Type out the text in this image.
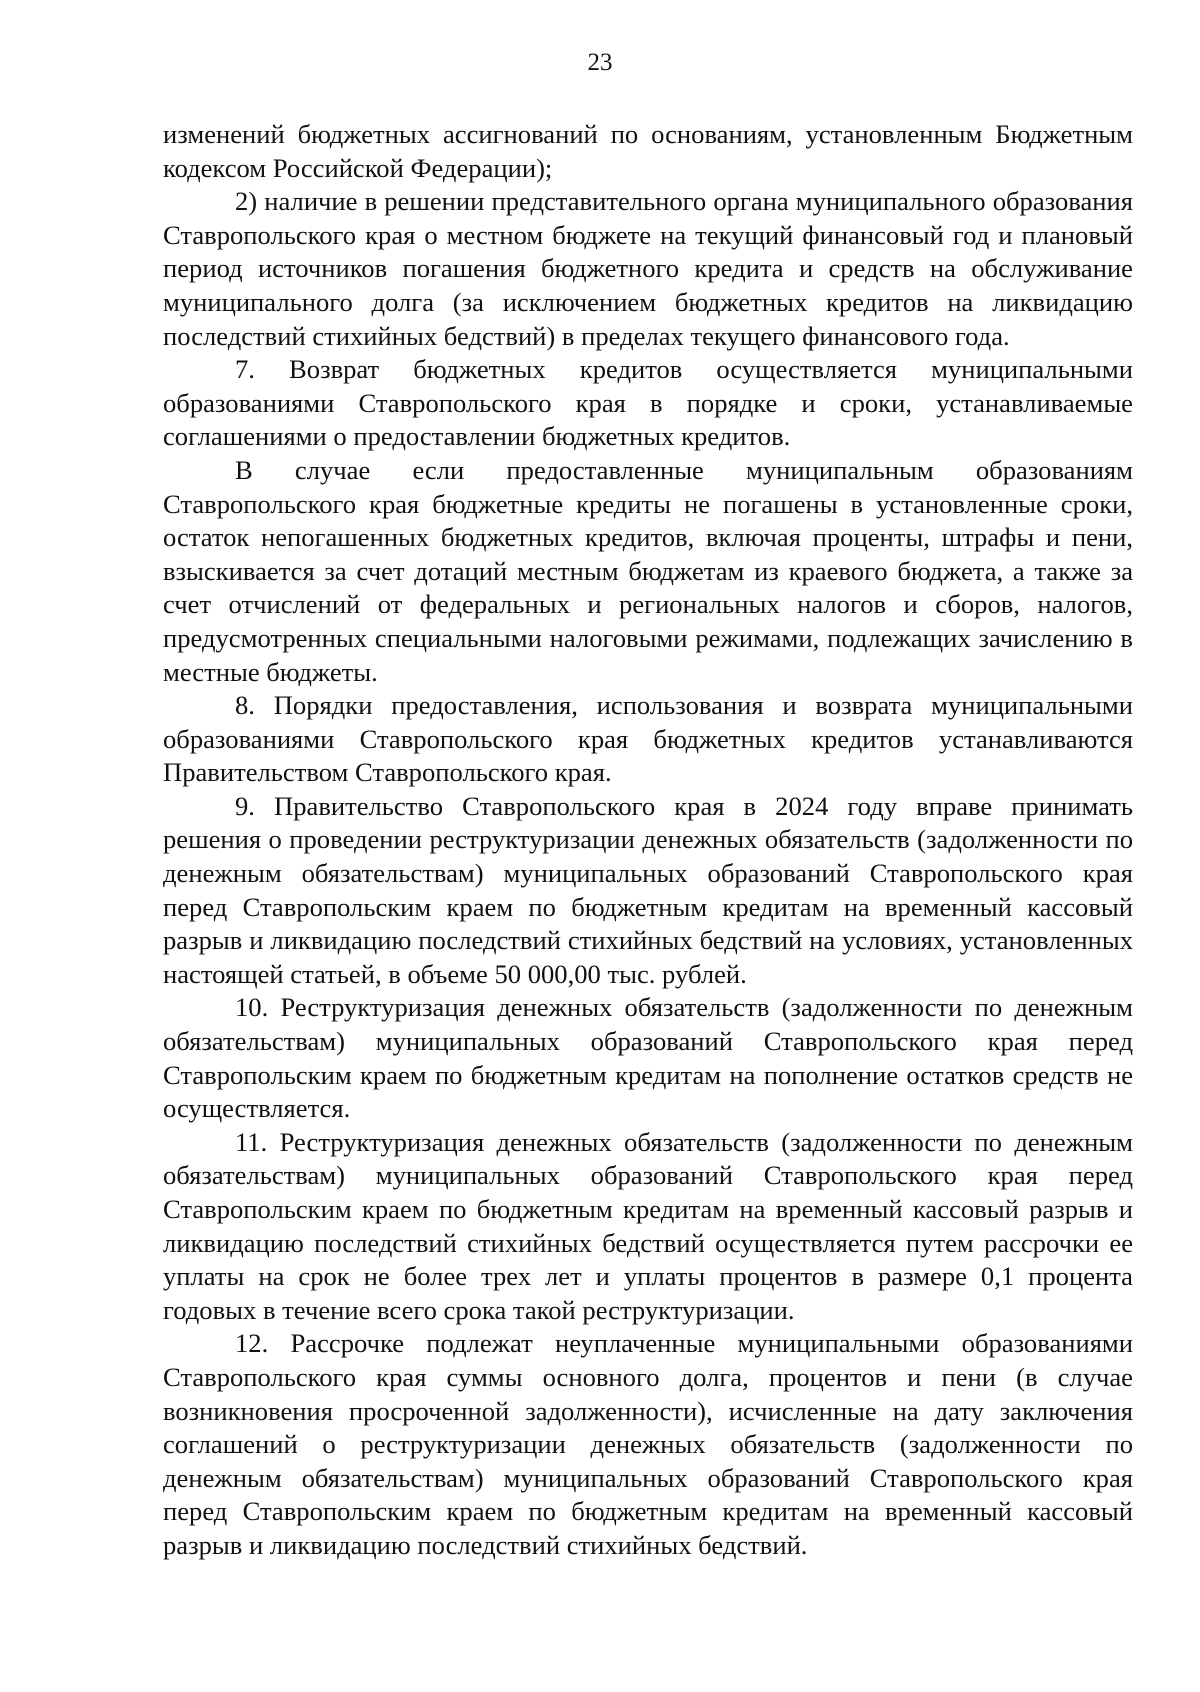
23

изменений бюджетных ассигнований по основаниям, установленным Бюджетным кодексом Российской Федерации);

2) наличие в решении представительного органа муниципального образования Ставропольского края о местном бюджете на текущий финансовый год и плановый период источников погашения бюджетного кредита и средств на обслуживание муниципального долга (за исключением бюджетных кредитов на ликвидацию последствий стихийных бедствий) в пределах текущего финансового года.

7. Возврат бюджетных кредитов осуществляется муниципальными образованиями Ставропольского края в порядке и сроки, устанавливаемые соглашениями о предоставлении бюджетных кредитов.

В случае если предоставленные муниципальным образованиям Ставропольского края бюджетные кредиты не погашены в установленные сроки, остаток непогашенных бюджетных кредитов, включая проценты, штрафы и пени, взыскивается за счет дотаций местным бюджетам из краевого бюджета, а также за счет отчислений от федеральных и региональных налогов и сборов, налогов, предусмотренных специальными налоговыми режимами, подлежащих зачислению в местные бюджеты.

8. Порядки предоставления, использования и возврата муниципальными образованиями Ставропольского края бюджетных кредитов устанавливаются Правительством Ставропольского края.

9. Правительство Ставропольского края в 2024 году вправе принимать решения о проведении реструктуризации денежных обязательств (задолженности по денежным обязательствам) муниципальных образований Ставропольского края перед Ставропольским краем по бюджетным кредитам на временный кассовый разрыв и ликвидацию последствий стихийных бедствий на условиях, установленных настоящей статьей, в объеме 50 000,00 тыс. рублей.

10. Реструктуризация денежных обязательств (задолженности по денежным обязательствам) муниципальных образований Ставропольского края перед Ставропольским краем по бюджетным кредитам на пополнение остатков средств не осуществляется.

11. Реструктуризация денежных обязательств (задолженности по денежным обязательствам) муниципальных образований Ставропольского края перед Ставропольским краем по бюджетным кредитам на временный кассовый разрыв и ликвидацию последствий стихийных бедствий осуществляется путем рассрочки ее уплаты на срок не более трех лет и уплаты процентов в размере 0,1 процента годовых в течение всего срока такой реструктуризации.

12. Рассрочке подлежат неуплаченные муниципальными образованиями Ставропольского края суммы основного долга, процентов и пени (в случае возникновения просроченной задолженности), исчисленные на дату заключения соглашений о реструктуризации денежных обязательств (задолженности по денежным обязательствам) муниципальных образований Ставропольского края перед Ставропольским краем по бюджетным кредитам на временный кассовый разрыв и ликвидацию последствий стихийных бедствий.
